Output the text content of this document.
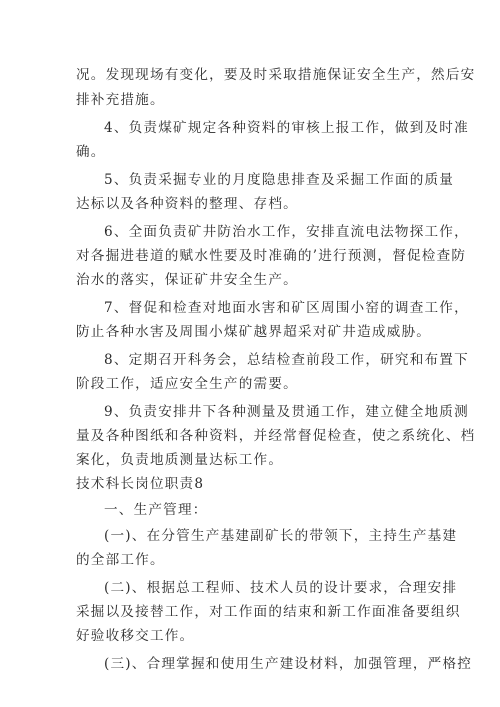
况。发现现场有变化，要及时采取措施保证安全生产，然后安
排补充措施。
4、负责煤矿规定各种资料的审核上报工作，做到及时准
确。
5、负责采掘专业的月度隐患排查及采掘工作面的质量
达标以及各种资料的整理、存档。
6、全面负责矿井防治水工作，安排直流电法物探工作，
对各掘进巷道的赋水性要及时准确的’进行预测，督促检查防
治水的落实，保证矿井安全生产。
7、督促和检查对地面水害和矿区周围小窑的调查工作，
防止各种水害及周围小煤矿越界超采对矿井造成威胁。
8、定期召开科务会，总结检查前段工作，研究和布置下
阶段工作，适应安全生产的需要。
9、负责安排井下各种测量及贯通工作，建立健全地质测
量及各种图纸和各种资料，并经常督促检查，使之系统化、档
案化，负责地质测量达标工作。
技术科长岗位职责8
一、生产管理：
(一)、在分管生产基建副矿长的带领下，主持生产基建
的全部工作。
(二)、根据总工程师、技术人员的设计要求，合理安排
采掘以及接替工作，对工作面的结束和新工作面准备要组织
好验收移交工作。
(三)、合理掌握和使用生产建设材料，加强管理，严格控
